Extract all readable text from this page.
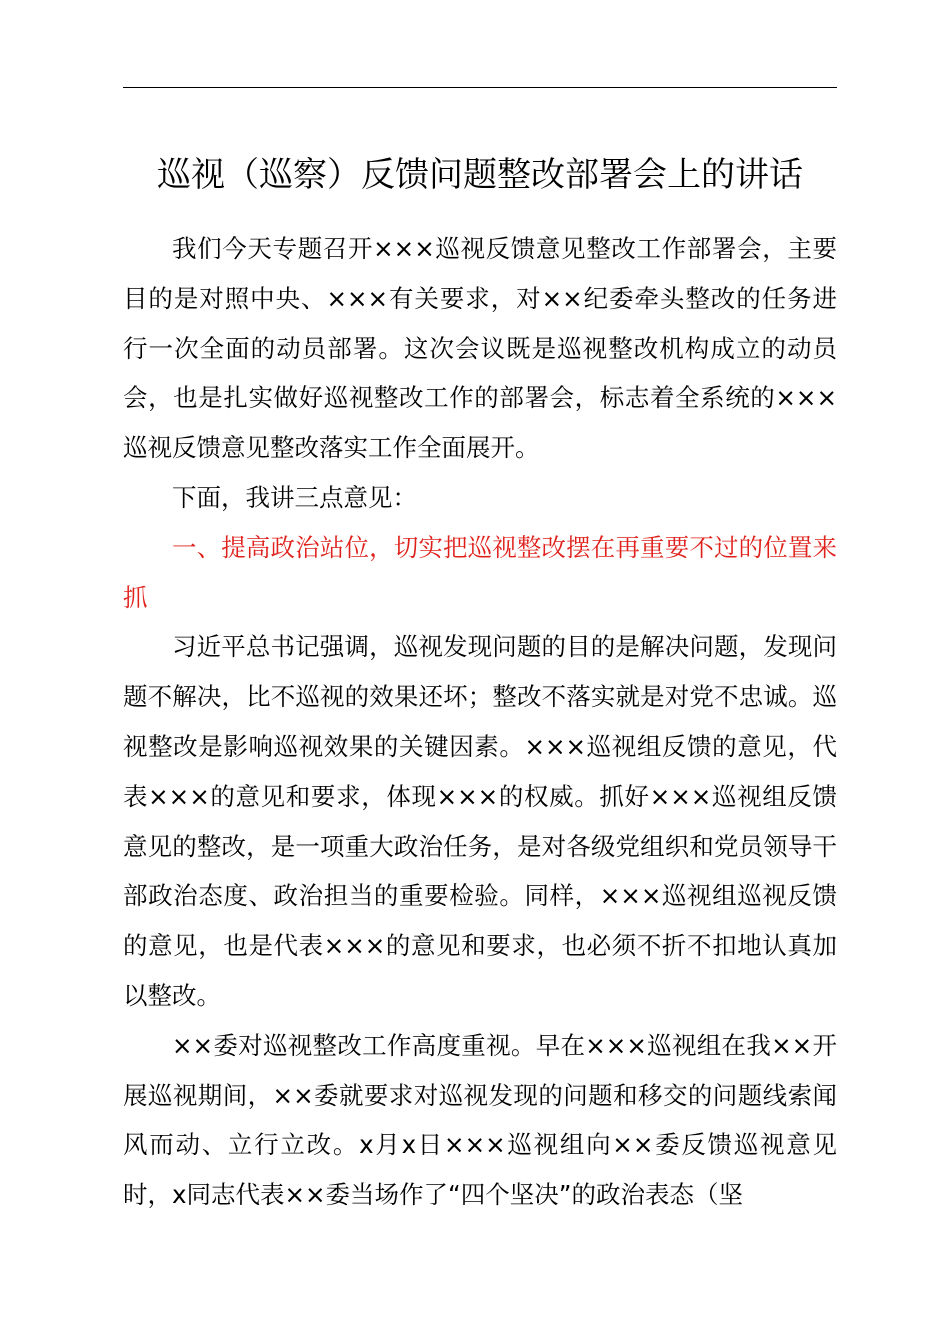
巡视（巡察）反馈问题整改部署会上的讲话

我们今天专题召开×××巡视反馈意见整改工作部署会，主要目的是对照中央、×××有关要求，对××纪委牵头整改的任务进行一次全面的动员部署。这次会议既是巡视整改机构成立的动员会，也是扎实做好巡视整改工作的部署会，标志着全系统的×××巡视反馈意见整改落实工作全面展开。

下面，我讲三点意见：

一、提高政治站位，切实把巡视整改摆在再重要不过的位置来抓

习近平总书记强调，巡视发现问题的目的是解决问题，发现问题不解决，比不巡视的效果还坏；整改不落实就是对党不忠诚。巡视整改是影响巡视效果的关键因素。×××巡视组反馈的意见，代表×××的意见和要求，体现×××的权威。抓好×××巡视组反馈意见的整改，是一项重大政治任务，是对各级党组织和党员领导干部政治态度、政治担当的重要检验。同样，×××巡视组巡视反馈的意见，也是代表×××的意见和要求，也必须不折不扣地认真加以整改。

××委对巡视整改工作高度重视。早在×××巡视组在我××开展巡视期间，××委就要求对巡视发现的问题和移交的问题线索闻风而动、立行立改。x月x日×××巡视组向××委反馈巡视意见时，x同志代表××委当场作了“四个坚决”的政治表态（坚
